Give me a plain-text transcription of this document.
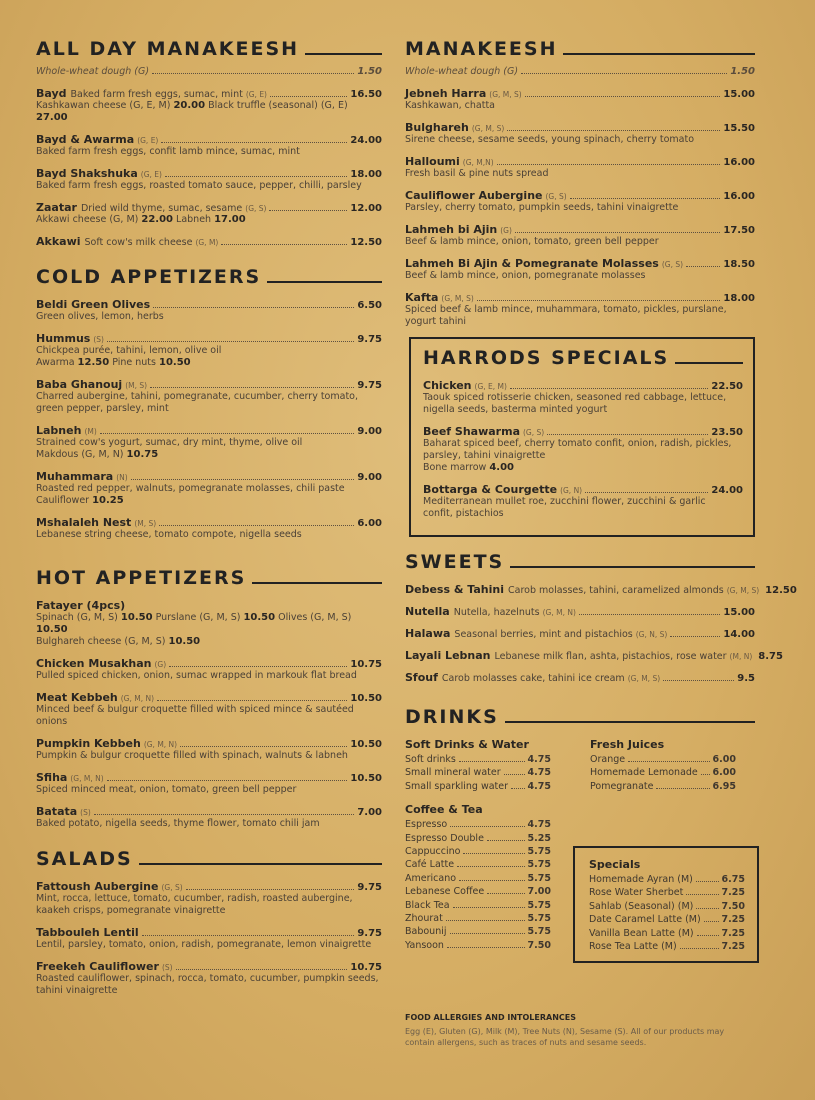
ALL DAY MANAKEESH
Whole-wheat dough (G)	1.50
Bayd Baked farm fresh eggs, sumac, mint (G, E)	16.50
Kashkawan cheese (G, E, M) 20.00 Black truffle (seasonal) (G, E) 27.00
Bayd & Awarma (G, E)	24.00
Baked farm fresh eggs, confit lamb mince, sumac, mint
Bayd Shakshuka (G, E)	18.00
Baked farm fresh eggs, roasted tomato sauce, pepper, chilli, parsley
Zaatar Dried wild thyme, sumac, sesame (G, S)	12.00
Akkawi cheese (G, M) 22.00 Labneh 17.00
Akkawi Soft cow's milk cheese (G, M)	12.50
COLD APPETIZERS
Beldi Green Olives	6.50
Green olives, lemon, herbs
Hummus (S)	9.75
Chickpea purée, tahini, lemon, olive oil
Awarma 12.50 Pine nuts 10.50
Baba Ghanouj (M, S)	9.75
Charred aubergine, tahini, pomegranate, cucumber, cherry tomato,
green pepper, parsley, mint
Labneh (M)	9.00
Strained cow's yogurt, sumac, dry mint, thyme, olive oil
Makdous (G, M, N) 10.75
Muhammara (N)	9.00
Roasted red pepper, walnuts, pomegranate molasses, chili paste
Cauliflower 10.25
Mshalaleh Nest (M, S)	6.00
Lebanese string cheese, tomato compote, nigella seeds
HOT APPETIZERS
Fatayer (4pcs)
Spinach (G, M, S) 10.50 Purslane (G, M, S) 10.50 Olives (G, M, S) 10.50
Bulghareh cheese (G, M, S) 10.50
Chicken Musakhan (G)	10.75
Pulled spiced chicken, onion, sumac wrapped in markouk flat bread
Meat Kebbeh (G, M, N)	10.50
Minced beef & bulgur croquette filled with spiced mince & sautéed onions
Pumpkin Kebbeh (G, M, N)	10.50
Pumpkin & bulgur croquette filled with spinach, walnuts & labneh
Sfiha (G, M, N)	10.50
Spiced minced meat, onion, tomato, green bell pepper
Batata (S)	7.00
Baked potato, nigella seeds, thyme flower, tomato chili jam
SALADS
Fattoush Aubergine (G, S)	9.75
Mint, rocca, lettuce, tomato, cucumber, radish, roasted aubergine,
kaakeh crisps, pomegranate vinaigrette
Tabbouleh Lentil	9.75
Lentil, parsley, tomato, onion, radish, pomegranate, lemon vinaigrette
Freekeh Cauliflower (S)	10.75
Roasted cauliflower, spinach, rocca, tomato, cucumber, pumpkin seeds,
tahini vinaigrette
MANAKEESH
Whole-wheat dough (G)	1.50
Jebneh Harra (G, M, S)	15.00
Kashkawan, chatta
Bulghareh (G, M, S)	15.50
Sirene cheese, sesame seeds, young spinach, cherry tomato
Halloumi (G, M,N)	16.00
Fresh basil & pine nuts spread
Cauliflower Aubergine (G, S)	16.00
Parsley, cherry tomato, pumpkin seeds, tahini vinaigrette
Lahmeh bi Ajin (G)	17.50
Beef & lamb mince, onion, tomato, green bell pepper
Lahmeh Bi Ajin & Pomegranate Molasses (G, S)	18.50
Beef & lamb mince, onion, pomegranate molasses
Kafta (G, M, S)	18.00
Spiced beef & lamb mince, muhammara, tomato, pickles, purslane,
yogurt tahini
HARRODS SPECIALS
Chicken (G, E, M)	22.50
Taouk spiced rotisserie chicken, seasoned red cabbage, lettuce,
nigella seeds, basterma minted yogurt
Beef Shawarma (G, S)	23.50
Baharat spiced beef, cherry tomato confit, onion, radish, pickles,
parsley, tahini vinaigrette
Bone marrow 4.00
Bottarga & Courgette (G, N)	24.00
Mediterranean mullet roe, zucchini flower, zucchini & garlic
confit, pistachios
SWEETS
Debess & Tahini Carob molasses, tahini, caramelized almonds (G, M, S) 12.50
Nutella Nutella, hazelnuts (G, M, N)	15.00
Halawa Seasonal berries, mint and pistachios (G, N, S)	14.00
Layali Lebnan Lebanese milk flan, ashta, pistachios, rose water (M, N) 8.75
Sfouf Carob molasses cake, tahini ice cream (G, M, S)	9.5
DRINKS
Soft Drinks & Water
Soft drinks	4.75
Small mineral water	4.75
Small sparkling water 4.75
Coffee & Tea
Espresso	4.75
Espresso Double	5.25
Cappuccino	5.75
Café Latte	5.75
Americano	5.75
Lebanese Coffee	7.00
Black Tea	5.75
Zhourat	5.75
Babounij	5.75
Yansoon	7.50
Fresh Juices
Orange	6.00
Homemade Lemonade 6.00
Pomegranate	6.95
Specials
Homemade Ayran (M)	6.75
Rose Water Sherbet	7.25
Sahlab (Seasonal) (M)	7.50
Date Caramel Latte (M) 7.25
Vanilla Bean Latte (M)	7.25
Rose Tea Latte (M)	7.25
FOOD ALLERGIES AND INTOLERANCES
Egg (E), Gluten (G), Milk (M), Tree Nuts (N), Sesame (S). All of our products may
contain allergens, such as traces of nuts and sesame seeds.
